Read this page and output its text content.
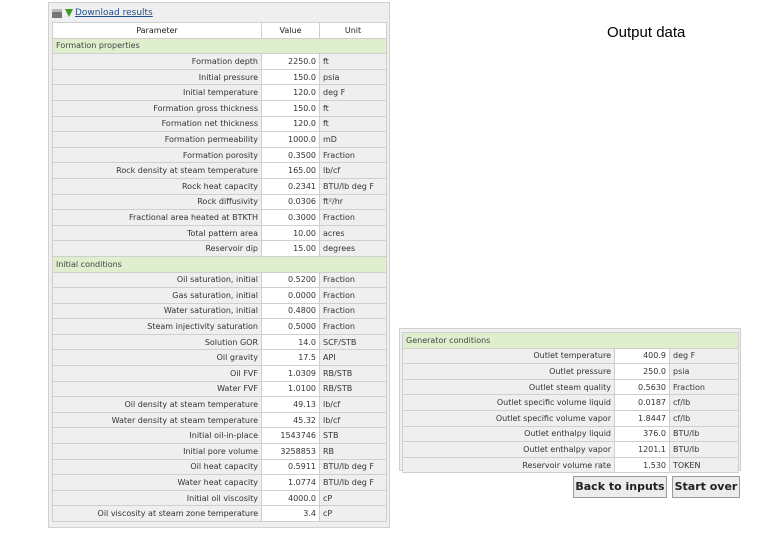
Download results
Parameter	Value	Unit
Formation properties		
Formation depth	2250.0	ft
Initial pressure	150.0	psia
Initial temperature	120.0	deg F
Formation gross thickness	150.0	ft
Formation net thickness	120.0	ft
Formation permeability	1000.0	mD
Formation porosity	0.3500	Fraction
Rock density at steam temperature	165.00	lb/cf
Rock heat capacity	0.2341	BTU/lb deg F
Rock diffusivity	0.0306	ft²/hr
Fractional area heated at BTKTH	0.3000	Fraction
Total pattern area	10.00	acres
Reservoir dip	15.00	degrees
Initial conditions		
Oil saturation, initial	0.5200	Fraction
Gas saturation, initial	0.0000	Fraction
Water saturation, initial	0.4800	Fraction
Steam injectivity saturation	0.5000	Fraction
Solution GOR	14.0	SCF/STB
Oil gravity	17.5	API
Oil FVF	1.0309	RB/STB
Water FVF	1.0100	RB/STB
Oil density at steam temperature	49.13	lb/cf
Water density at steam temperature	45.32	lb/cf
Initial oil-in-place	1543746	STB
Initial pore volume	3258853	RB
Oil heat capacity	0.5911	BTU/lb deg F
Water heat capacity	1.0774	BTU/lb deg F
Initial oil viscosity	4000.0	cP
Oil viscosity at steam zone temperature	3.4	cP
Output data
Generator conditions		
Outlet temperature	400.9	deg F
Outlet pressure	250.0	psia
Outlet steam quality	0.5630	Fraction
Outlet specific volume liquid	0.0187	cf/lb
Outlet specific volume vapor	1.8447	cf/lb
Outlet enthalpy liquid	376.0	BTU/lb
Outlet enthalpy vapor	1201.1	BTU/lb
Reservoir volume rate	1.530	TOKEN
Back to inputs Start over
